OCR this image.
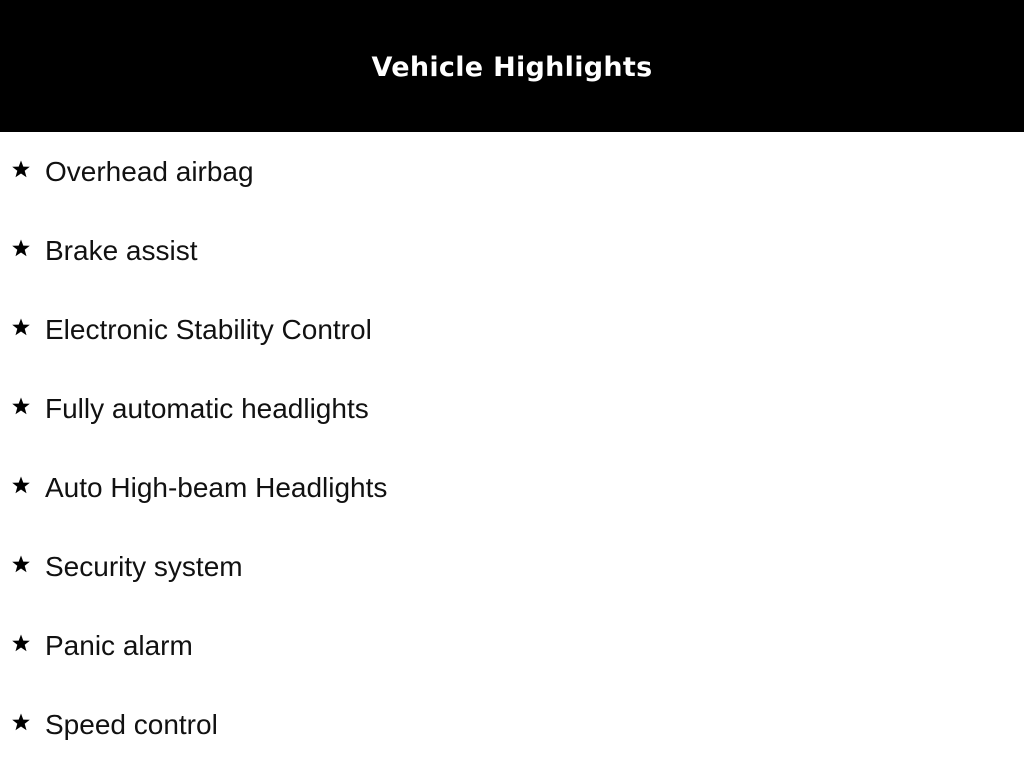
Vehicle Highlights
Overhead airbag
Brake assist
Electronic Stability Control
Fully automatic headlights
Auto High-beam Headlights
Security system
Panic alarm
Speed control
